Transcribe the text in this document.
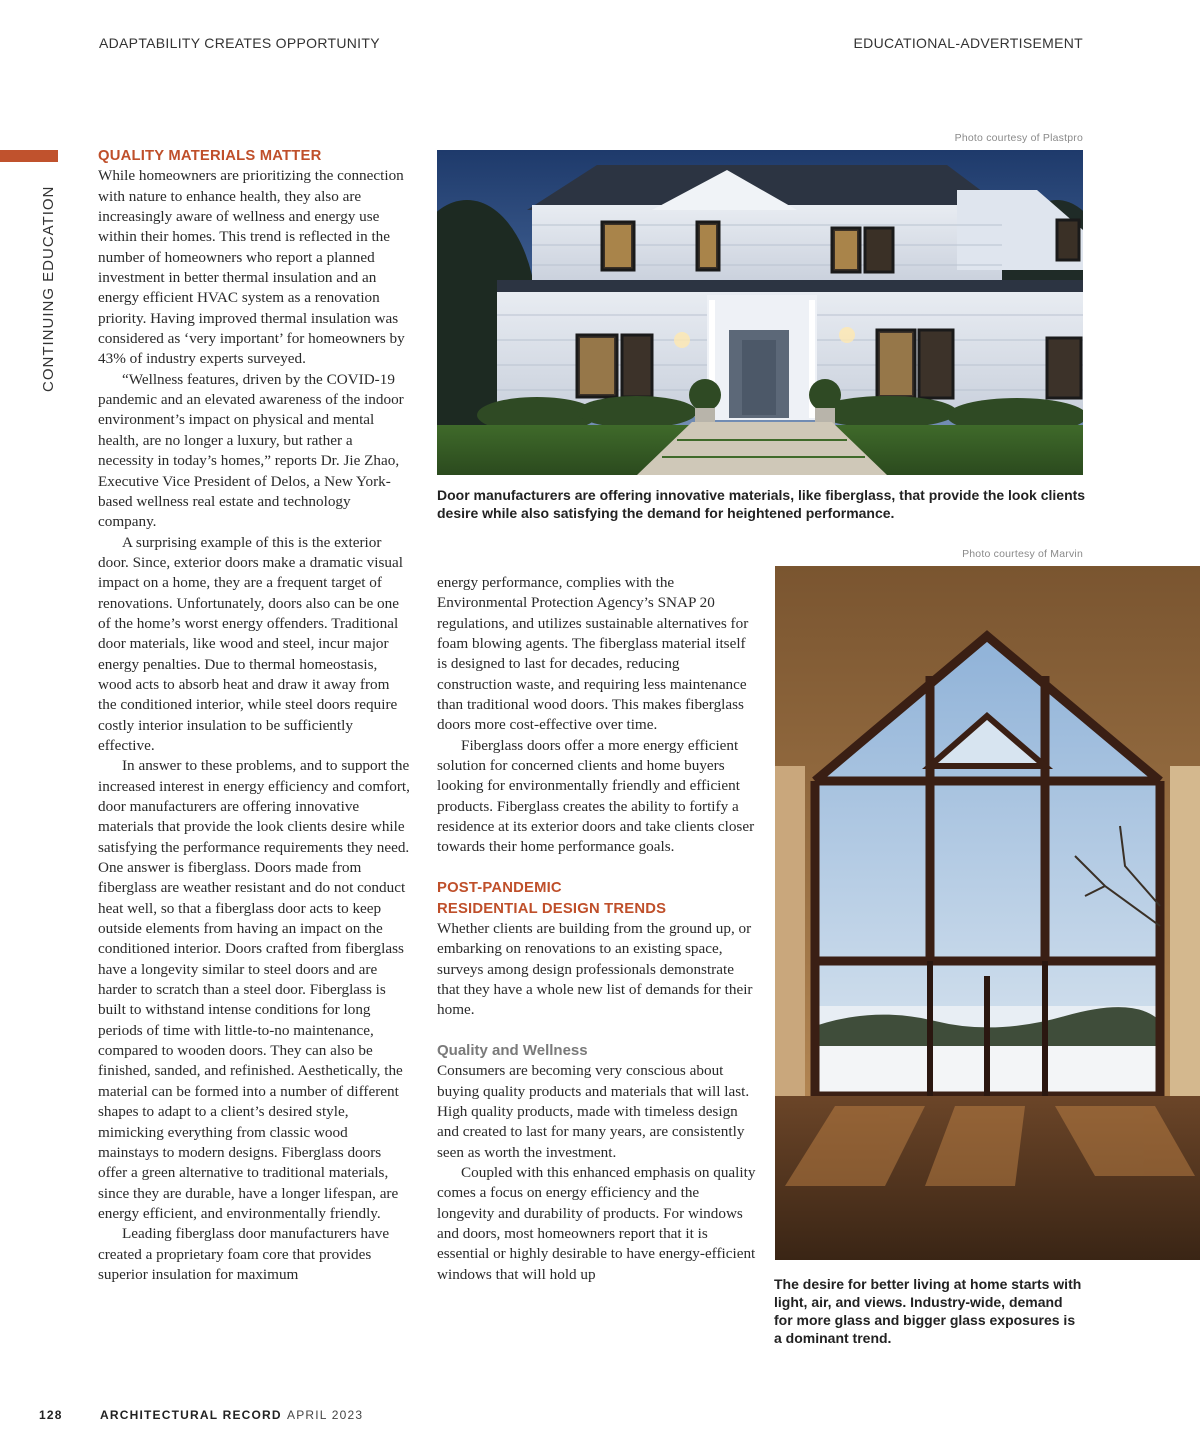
ADAPTABILITY CREATES OPPORTUNITY	EDUCATIONAL-ADVERTISEMENT
CONTINUING EDUCATION
QUALITY MATERIALS MATTER

While homeowners are prioritizing the connection with nature to enhance health, they also are increasingly aware of wellness and energy use within their homes. This trend is reflected in the number of homeowners who report a planned investment in better thermal insulation and an energy efficient HVAC system as a renovation priority. Having improved thermal insulation was considered as ‘very important’ for homeowners by 43% of industry experts surveyed.

“Wellness features, driven by the COVID-19 pandemic and an elevated awareness of the indoor environment’s impact on physical and mental health, are no longer a luxury, but rather a necessity in today’s homes,” reports Dr. Jie Zhao, Executive Vice President of Delos, a New York-based wellness real estate and technology company.

A surprising example of this is the exterior door. Since, exterior doors make a dramatic visual impact on a home, they are a frequent target of renovations. Unfortunately, doors also can be one of the home’s worst energy offenders. Traditional door materials, like wood and steel, incur major energy penalties. Due to thermal homeostasis, wood acts to absorb heat and draw it away from the conditioned interior, while steel doors require costly interior insulation to be sufficiently effective.

In answer to these problems, and to support the increased interest in energy efficiency and comfort, door manufacturers are offering innovative materials that provide the look clients desire while satisfying the performance requirements they need. One answer is fiberglass. Doors made from fiberglass are weather resistant and do not conduct heat well, so that a fiberglass door acts to keep outside elements from having an impact on the conditioned interior. Doors crafted from fiberglass have a longevity similar to steel doors and are harder to scratch than a steel door. Fiberglass is built to withstand intense conditions for long periods of time with little-to-no maintenance, compared to wooden doors. They can also be finished, sanded, and refinished. Aesthetically, the material can be formed into a number of different shapes to adapt to a client’s desired style, mimicking everything from classic wood mainstays to modern designs. Fiberglass doors offer a green alternative to traditional materials, since they are durable, have a longer lifespan, are energy efficient, and environmentally friendly.

Leading fiberglass door manufacturers have created a proprietary foam core that provides superior insulation for maximum

Photo courtesy of Plastpro
Door manufacturers are offering innovative materials, like fiberglass, that provide the look clients desire while also satisfying the demand for heightened performance.
Photo courtesy of Marvin

energy performance, complies with the Environmental Protection Agency’s SNAP 20 regulations, and utilizes sustainable alternatives for foam blowing agents. The fiberglass material itself is designed to last for decades, reducing construction waste, and requiring less maintenance than traditional wood doors. This makes fiberglass doors more cost-effective over time.

Fiberglass doors offer a more energy efficient solution for concerned clients and home buyers looking for environmentally friendly and efficient products. Fiberglass creates the ability to fortify a residence at its exterior doors and take clients closer towards their home performance goals.

POST-PANDEMIC
RESIDENTIAL DESIGN TRENDS

Whether clients are building from the ground up, or embarking on renovations to an existing space, surveys among design professionals demonstrate that they have a whole new list of demands for their home.

Quality and Wellness

Consumers are becoming very conscious about buying quality products and materials that will last. High quality products, made with timeless design and created to last for many years, are consistently seen as worth the investment.

Coupled with this enhanced emphasis on quality comes a focus on energy efficiency and the longevity and durability of products. For windows and doors, most homeowners report that it is essential or highly desirable to have energy-efficient windows that will hold up

The desire for better living at home starts with light, air, and views. Industry-wide, demand for more glass and bigger glass exposures is a dominant trend.
128	ARCHITECTURAL RECORD APRIL 2023
